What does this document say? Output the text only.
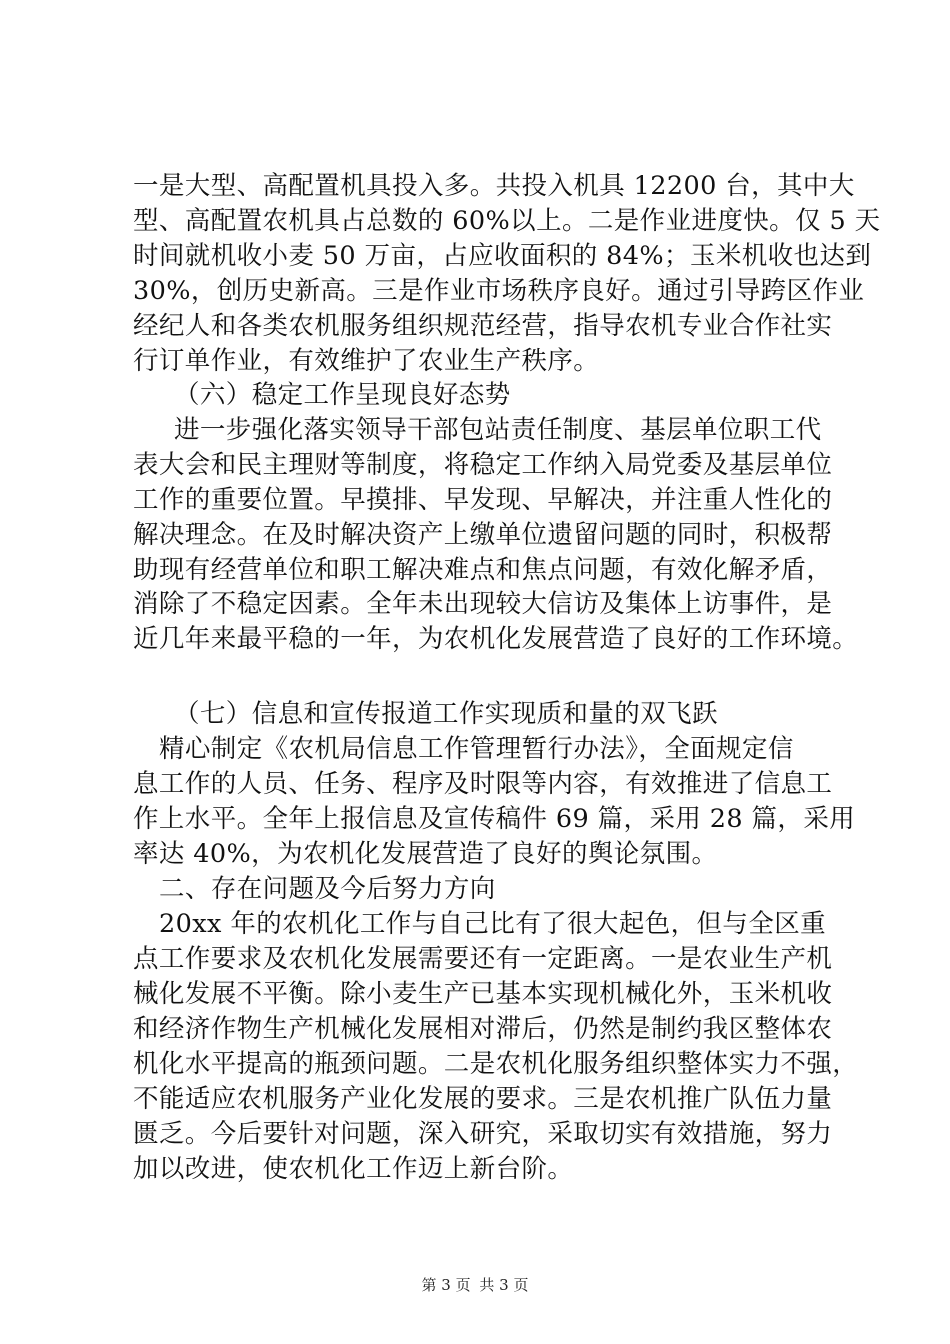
一是大型、高配置机具投入多。共投入机具 12200 台，其中大
型、高配置农机具占总数的 60%以上。二是作业进度快。仅 5 天
时间就机收小麦 50 万亩，占应收面积的 84%；玉米机收也达到
30%，创历史新高。三是作业市场秩序良好。通过引导跨区作业
经纪人和各类农机服务组织规范经营，指导农机专业合作社实
行订单作业，有效维护了农业生产秩序。
（六）稳定工作呈现良好态势
进一步强化落实领导干部包站责任制度、基层单位职工代
表大会和民主理财等制度，将稳定工作纳入局党委及基层单位
工作的重要位置。早摸排、早发现、早解决，并注重人性化的
解决理念。在及时解决资产上缴单位遗留问题的同时，积极帮
助现有经营单位和职工解决难点和焦点问题，有效化解矛盾，
消除了不稳定因素。全年未出现较大信访及集体上访事件，是
近几年来最平稳的一年，为农机化发展营造了良好的工作环境。
（七）信息和宣传报道工作实现质和量的双飞跃
精心制定《农机局信息工作管理暂行办法》，全面规定信
息工作的人员、任务、程序及时限等内容，有效推进了信息工
作上水平。全年上报信息及宣传稿件 69 篇，采用 28 篇，采用
率达 40%，为农机化发展营造了良好的舆论氛围。
二、存在问题及今后努力方向
20xx 年的农机化工作与自己比有了很大起色，但与全区重
点工作要求及农机化发展需要还有一定距离。一是农业生产机
械化发展不平衡。除小麦生产已基本实现机械化外，玉米机收
和经济作物生产机械化发展相对滞后，仍然是制约我区整体农
机化水平提高的瓶颈问题。二是农机化服务组织整体实力不强，
不能适应农机服务产业化发展的要求。三是农机推广队伍力量
匮乏。今后要针对问题，深入研究，采取切实有效措施，努力
加以改进，使农机化工作迈上新台阶。
第 3 页 共 3 页
